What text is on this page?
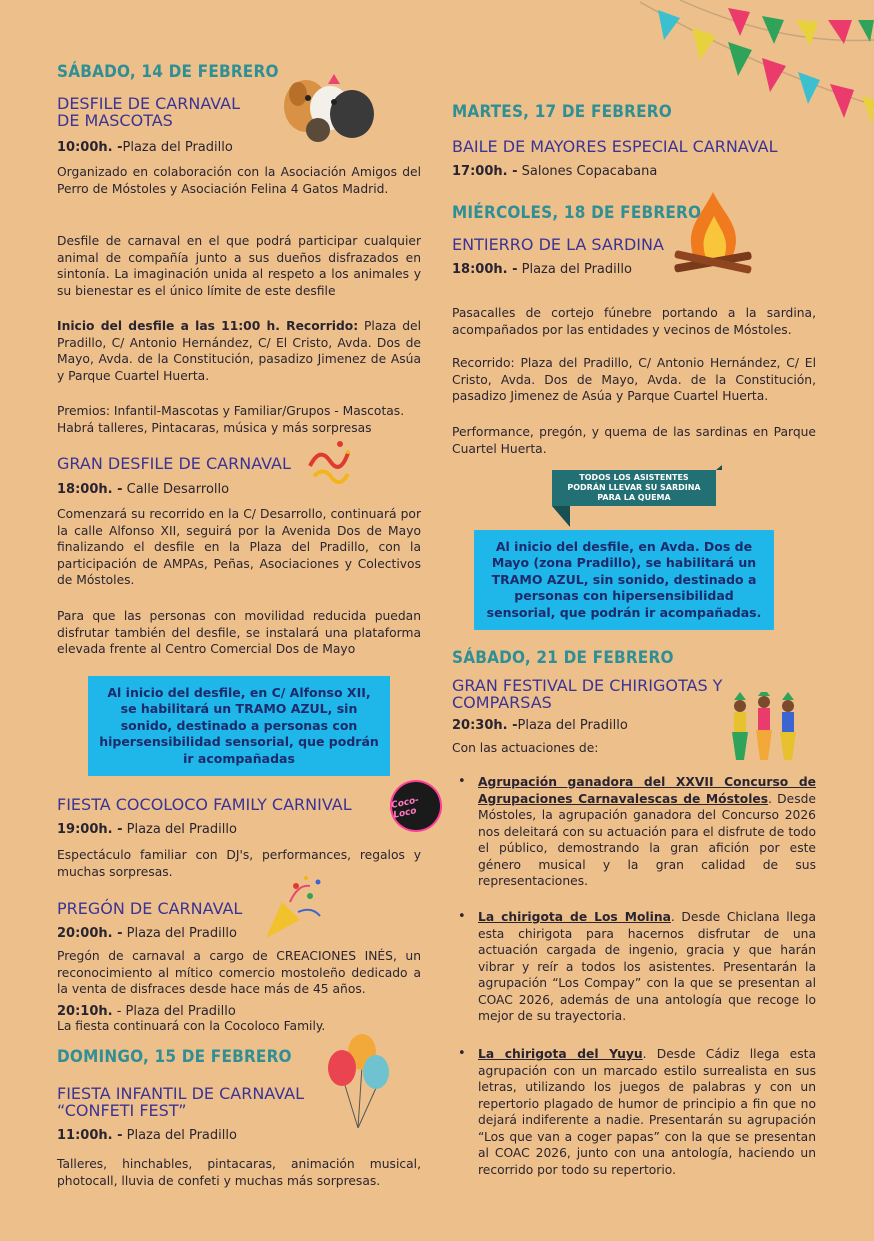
SÁBADO, 14 DE FEBRERO
DESFILE DE CARNAVAL DE MASCOTAS

10:00h. -Plaza del Pradillo

Organizado en colaboración con la Asociación Amigos del Perro de Móstoles y Asociación Felina 4 Gatos Madrid.

Desfile de carnaval en el que podrá participar cualquier animal de compañía junto a sus dueños disfrazados en sintonía. La imaginación unida al respeto a los animales y su bienestar es el único límite de este desfile

Inicio del desfile a las 11:00 h. Recorrido: Plaza del Pradillo, C/ Antonio Hernández, C/ El Cristo, Avda. Dos de Mayo, Avda. de la Constitución, pasadizo Jimenez de Asúa y Parque Cuartel Huerta.

Premios: Infantil-Mascotas y Familiar/Grupos - Mascotas. Habrá talleres, Pintacaras, música y más sorpresas

GRAN DESFILE DE CARNAVAL

18:00h. - Calle Desarrollo

Comenzará su recorrido en la C/ Desarrollo, continuará por la calle Alfonso XII, seguirá por la Avenida Dos de Mayo finalizando el desfile en la Plaza del Pradillo, con la participación de AMPAs, Peñas, Asociaciones y Colectivos de Móstoles.

Para que las personas con movilidad reducida puedan disfrutar también del desfile, se instalará una plataforma elevada frente al Centro Comercial Dos de Mayo

Al inicio del desfile, en C/ Alfonso XII, se habilitará un TRAMO AZUL, sin sonido, destinado a personas con hipersensibilidad sensorial, que podrán ir acompañadas
FIESTA COCOLOCO FAMILY CARNIVAL	Coco-Loco

19:00h. - Plaza del Pradillo

Espectáculo familiar con DJ's, performances, regalos y muchas sorpresas.

PREGÓN DE CARNAVAL

20:00h. - Plaza del Pradillo

Pregón de carnaval a cargo de CREACIONES INÉS, un reconocimiento al mítico comercio mostoleño dedicado a la venta de disfraces desde hace más de 45 años.

20:10h. - Plaza del Pradillo

La fiesta continuará con la Cocoloco Family.

DOMINGO, 15 DE FEBRERO
FIESTA INFANTIL DE CARNAVAL
“CONFETI FEST”

11:00h. - Plaza del Pradillo

Talleres, hinchables, pintacaras, animación musical, photocall, lluvia de confeti y muchas más sorpresas.

MARTES, 17 DE FEBRERO
BAILE DE MAYORES ESPECIAL CARNAVAL

17:00h. - Salones Copacabana

MIÉRCOLES, 18 DE FEBRERO
ENTIERRO DE LA SARDINA

18:00h. - Plaza del Pradillo

Pasacalles de cortejo fúnebre portando a la sardina, acompañados por las entidades y vecinos de Móstoles.

Recorrido: Plaza del Pradillo, C/ Antonio Hernández, C/ El Cristo, Avda. Dos de Mayo, Avda. de la Constitución, pasadizo Jimenez de Asúa y Parque Cuartel Huerta.

Performance, pregón, y quema de las sardinas en Parque Cuartel Huerta.

TODOS LOS ASISTENTES PODRÁN LLEVAR SU SARDINA PARA LA QUEMA
Al inicio del desfile, en Avda. Dos de Mayo (zona Pradillo), se habilitará un TRAMO AZUL, sin sonido, destinado a personas con hipersensibilidad sensorial, que podrán ir acompañadas.
SÁBADO, 21 DE FEBRERO
GRAN FESTIVAL DE CHIRIGOTAS Y
COMPARSAS

20:30h. -Plaza del Pradillo

Con las actuaciones de:

• Agrupación ganadora del XXVII Concurso de Agrupaciones Carnavalescas de Móstoles. Desde Móstoles, la agrupación ganadora del Concurso 2026 nos deleitará con su actuación para el disfrute de todo el público, demostrando la gran afición por este género musical y la gran calidad de sus representaciones.
• La chirigota de Los Molina. Desde Chiclana llega esta chirigota para hacernos disfrutar de una actuación cargada de ingenio, gracia y que harán vibrar y reír a todos los asistentes. Presentarán la agrupación “Los Compay” con la que se presentan al COAC 2026, además de una antología que recoge lo mejor de su trayectoria.
• La chirigota del Yuyu. Desde Cádiz llega esta agrupación con un marcado estilo surrealista en sus letras, utilizando los juegos de palabras y con un repertorio plagado de humor de principio a fin que no dejará indiferente a nadie. Presentarán su agrupación “Los que van a coger papas” con la que se presentan al COAC 2026, junto con una antología, haciendo un recorrido por todo su repertorio.
